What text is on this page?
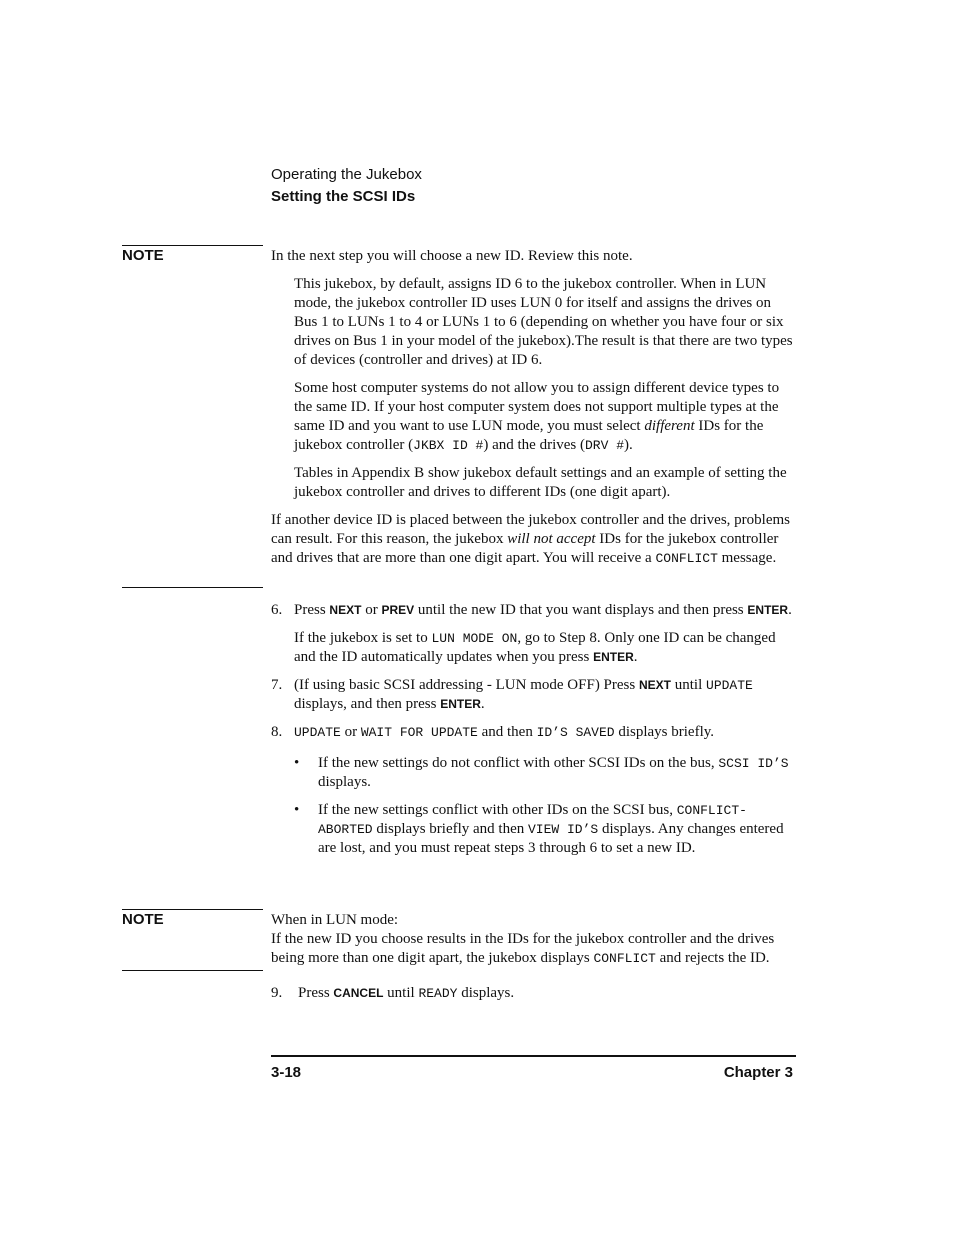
Operating the Jukebox
Setting the SCSI IDs
NOTE	In the next step you will choose a new ID. Review this note.

This jukebox, by default, assigns ID 6 to the jukebox controller. When in LUN mode, the jukebox controller ID uses LUN 0 for itself and assigns the drives on Bus 1 to LUNs 1 to 4 or LUNs 1 to 6 (depending on whether you have four or six drives on Bus 1 in your model of the jukebox).The result is that there are two types of devices (controller and drives) at ID 6.

Some host computer systems do not allow you to assign different device types to the same ID. If your host computer system does not support multiple types at the same ID and you want to use LUN mode, you must select different IDs for the jukebox controller (JKBX ID #) and the drives (DRV #).

Tables in Appendix B show jukebox default settings and an example of setting the jukebox controller and drives to different IDs (one digit apart).

If another device ID is placed between the jukebox controller and the drives, problems can result. For this reason, the jukebox will not accept IDs for the jukebox controller and drives that are more than one digit apart. You will receive a CONFLICT message.

6. Press NEXT or PREV until the new ID that you want displays and then press ENTER.

If the jukebox is set to LUN MODE ON, go to Step 8. Only one ID can be changed and the ID automatically updates when you press ENTER.

7. (If using basic SCSI addressing - LUN mode OFF) Press NEXT until UPDATE displays, and then press ENTER.

8. UPDATE or WAIT FOR UPDATE and then ID’S SAVED displays briefly.

• If the new settings do not conflict with other SCSI IDs on the bus, SCSI ID’S displays.

• If the new settings conflict with other IDs on the SCSI bus, CONFLICT-ABORTED displays briefly and then VIEW ID’S displays. Any changes entered are lost, and you must repeat steps 3 through 6 to set a new ID.

NOTE	When in LUN mode:

If the new ID you choose results in the IDs for the jukebox controller and the drives being more than one digit apart, the jukebox displays CONFLICT and rejects the ID.

9. Press CANCEL until READY displays.

3-18	Chapter 3
